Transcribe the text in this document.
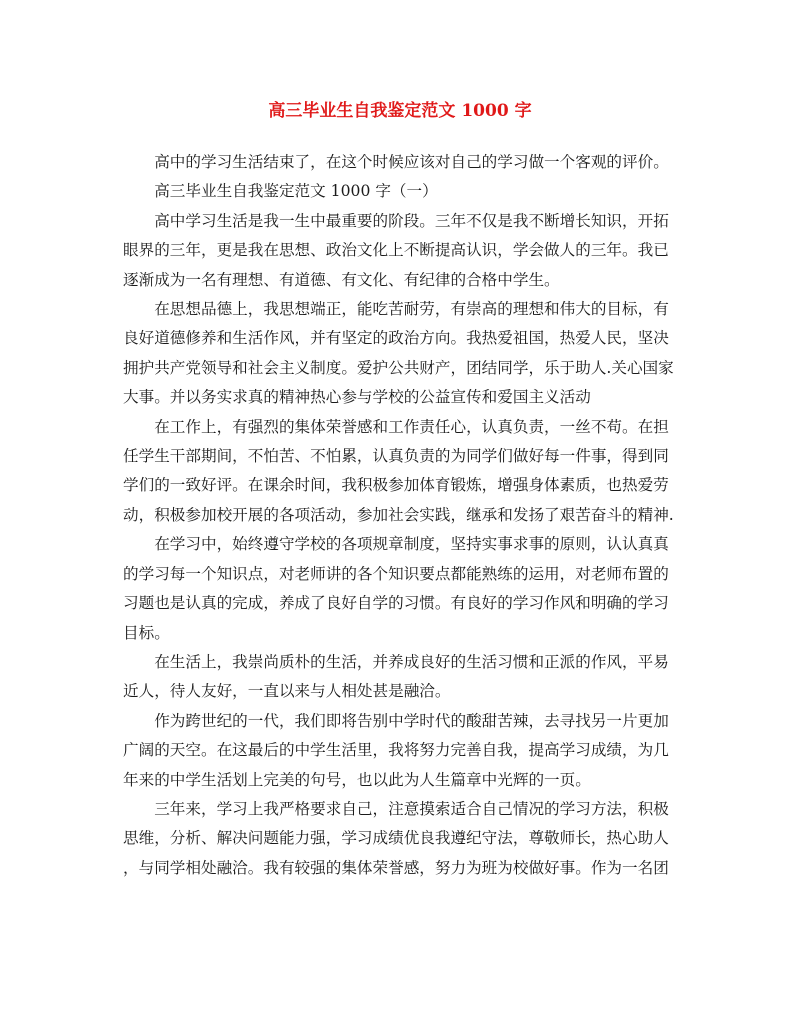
高三毕业生自我鉴定范文 1000 字
高中的学习生活结束了，在这个时候应该对自己的学习做一个客观的评价。
高三毕业生自我鉴定范文 1000 字（一）
高中学习生活是我一生中最重要的阶段。三年不仅是我不断增长知识，开拓
眼界的三年，更是我在思想、政治文化上不断提高认识，学会做人的三年。我已
逐渐成为一名有理想、有道德、有文化、有纪律的合格中学生。
在思想品德上，我思想端正，能吃苦耐劳，有崇高的理想和伟大的目标，有
良好道德修养和生活作风，并有坚定的政治方向。我热爱祖国，热爱人民，坚决
拥护共产党领导和社会主义制度。爱护公共财产，团结同学，乐于助人.关心国家
大事。并以务实求真的精神热心参与学校的公益宣传和爱国主义活动
在工作上，有强烈的集体荣誉感和工作责任心，认真负责，一丝不苟。在担
任学生干部期间，不怕苦、不怕累，认真负责的为同学们做好每一件事，得到同
学们的一致好评。在课余时间，我积极参加体育锻炼，增强身体素质，也热爱劳
动，积极参加校开展的各项活动，参加社会实践，继承和发扬了艰苦奋斗的精神.
在学习中，始终遵守学校的各项规章制度，坚持实事求事的原则，认认真真
的学习每一个知识点，对老师讲的各个知识要点都能熟练的运用，对老师布置的
习题也是认真的完成，养成了良好自学的习惯。有良好的学习作风和明确的学习
目标。
在生活上，我崇尚质朴的生活，并养成良好的生活习惯和正派的作风，平易
近人，待人友好，一直以来与人相处甚是融洽。
作为跨世纪的一代，我们即将告别中学时代的酸甜苦辣，去寻找另一片更加
广阔的天空。在这最后的中学生活里，我将努力完善自我，提高学习成绩，为几
年来的中学生活划上完美的句号，也以此为人生篇章中光辉的一页。
三年来，学习上我严格要求自己，注意摸索适合自己情况的学习方法，积极
思维，分析、解决问题能力强，学习成绩优良我遵纪守法，尊敬师长，热心助人
，与同学相处融洽。我有较强的集体荣誉感，努力为班为校做好事。作为一名团
